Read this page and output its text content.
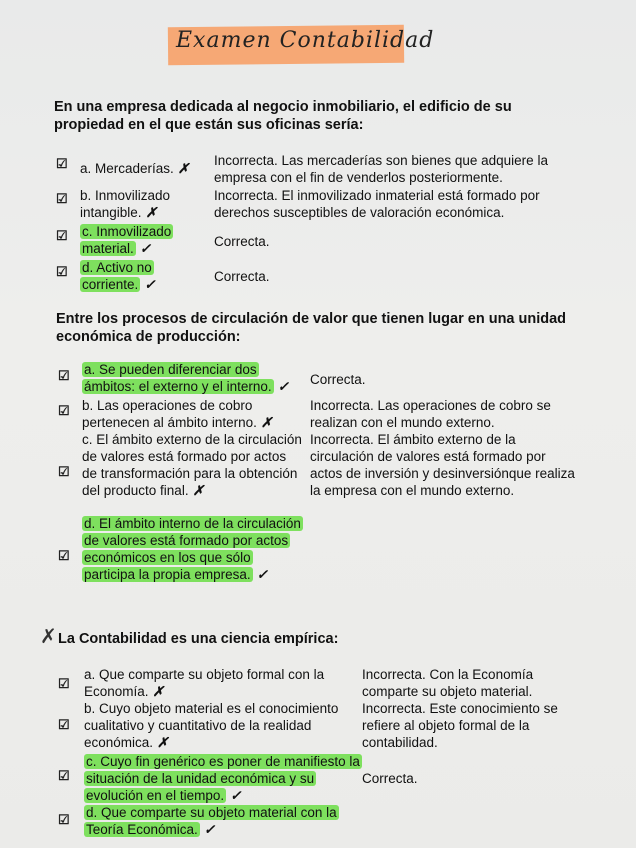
Examen Contabilidad
En una empresa dedicada al negocio inmobiliario, el edificio de su propiedad en el que están sus oficinas sería:
☑ a. Mercaderías. ✗
Incorrecta. Las mercaderías son bienes que adquiere la empresa con el fin de venderlos posteriormente.
☑ b. Inmovilizado intangible. ✗
Incorrecta. El inmovilizado inmaterial está formado por derechos susceptibles de valoración económica.
☑ c. Inmovilizado material. ✓	Correcta.
☑ d. Activo no corriente. ✓
Correcta.
Entre los procesos de circulación de valor que tienen lugar en una unidad económica de producción:
☑ a. Se pueden diferenciar dos ámbitos: el externo y el interno. ✓	Correcta.
☑ b. Las operaciones de cobro pertenecen al ámbito interno. ✗
Incorrecta. Las operaciones de cobro se realizan con el mundo externo.
☑
c. El ámbito externo de la circulación de valores está formado por actos de transformación para la obtención del producto final. ✗
Incorrecta. El ámbito externo de la circulación de valores está formado por actos de inversión y desinversiónque realiza la empresa con el mundo externo.
☑
d. El ámbito interno de la circulación de valores está formado por actos económicos en los que sólo participa la propia empresa. ✓
✗ La Contabilidad es una ciencia empírica:
☑
a. Que comparte su objeto formal con la Economía. ✗
Incorrecta. Con la Economía comparte su objeto material.
☑
b. Cuyo objeto material es el conocimiento cualitativo y cuantitativo de la realidad económica. ✗
Incorrecta. Este conocimiento se refiere al objeto formal de la contabilidad.
☑
c. Cuyo fin genérico es poner de manifiesto la situación de la unidad económica y su evolución en el tiempo. ✓
Correcta.
☑ d. Que comparte su objeto material con la Teoría Económica. ✓
